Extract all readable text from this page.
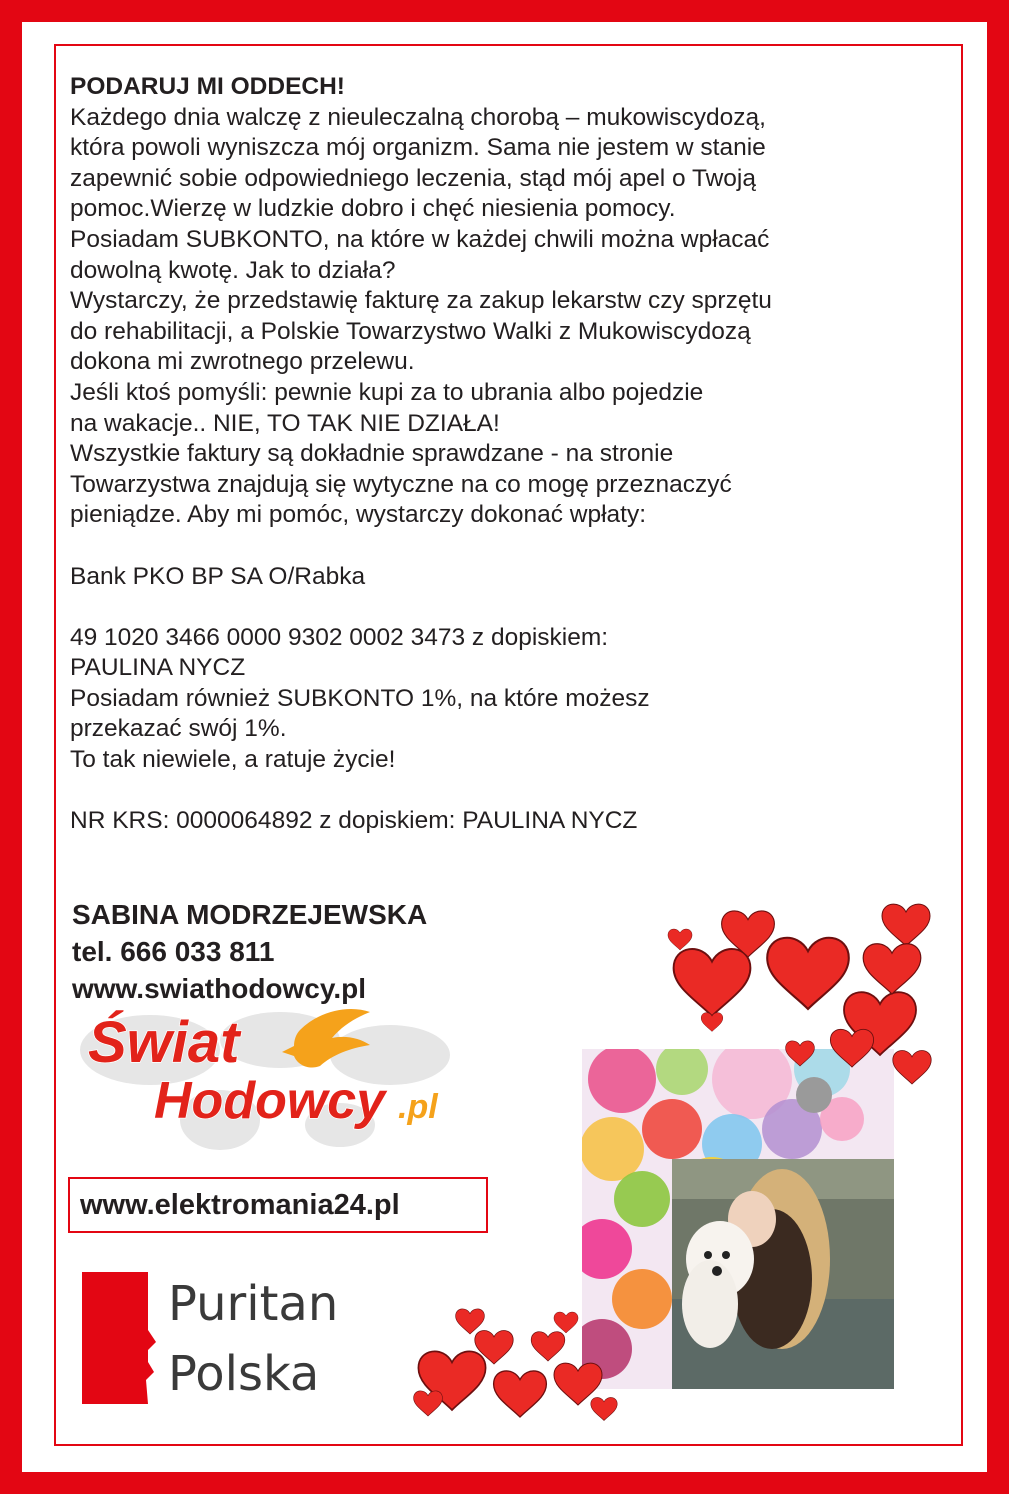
PODARUJ MI ODDECH!

Każdego dnia walczę z nieuleczalną chorobą – mukowiscydozą,

która powoli wyniszcza mój organizm. Sama nie jestem w stanie

zapewnić sobie odpowiedniego leczenia, stąd mój apel o Twoją

pomoc.Wierzę w ludzkie dobro i chęć niesienia pomocy.

Posiadam SUBKONTO, na które w każdej chwili można wpłacać

dowolną kwotę. Jak to działa?

Wystarczy, że przedstawię fakturę za zakup lekarstw czy sprzętu

do rehabilitacji, a Polskie Towarzystwo Walki z Mukowiscydozą

dokona mi zwrotnego przelewu.

Jeśli ktoś pomyśli: pewnie kupi za to ubrania albo pojedzie

na wakacje.. NIE, TO TAK NIE DZIAŁA!

Wszystkie faktury są dokładnie sprawdzane - na stronie

Towarzystwa znajdują się wytyczne na co mogę przeznaczyć

pieniądze. Aby mi pomóc, wystarczy dokonać wpłaty:

Bank PKO BP SA O/Rabka

49 1020 3466 0000 9302 0002 3473 z dopiskiem:

PAULINA NYCZ

Posiadam również SUBKONTO 1%, na które możesz

przekazać swój 1%.

To tak niewiele, a ratuje życie!

NR KRS: 0000064892 z dopiskiem: PAULINA NYCZ

SABINA MODRZEJEWSKA
tel. 666 033 811
www.swiathodowcy.pl
Świat
Hodowcy .pl
www.elektromania24.pl
Puritan
Polska
